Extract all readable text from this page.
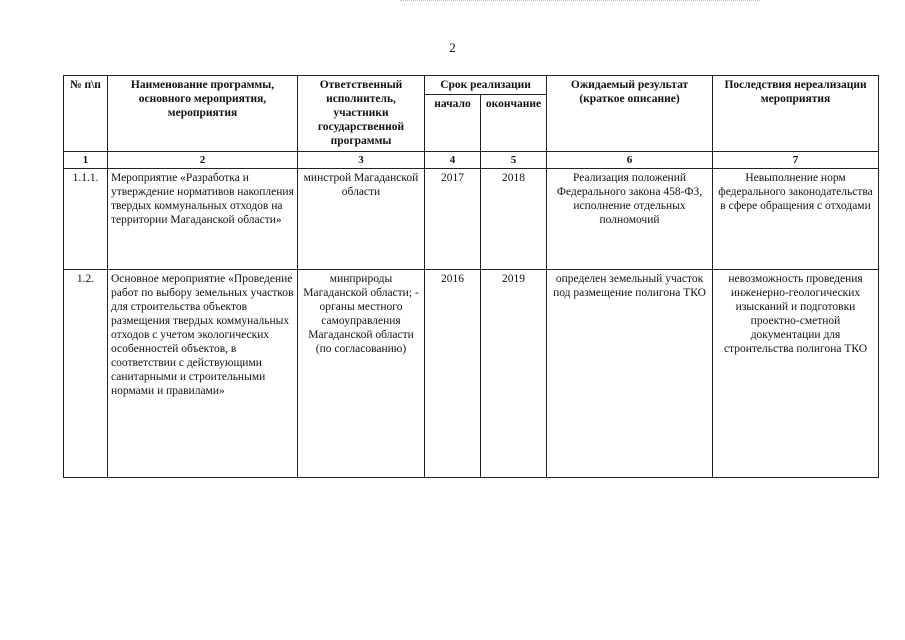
2
№ п\п	Наименование программы, основного мероприятия, мероприятия	Ответственный исполнитель, участники государственной программы	Срок реализации		Ожидаемый результат (краткое описание)	Последствия нереализации мероприятия
			начало	окончание		
1	2	3	4	5	6	7
1.1.1.	Мероприятие «Разработка и утверждение нормативов накопления твердых коммунальных отходов на территории Магаданской области»	минстрой Магаданской области	2017	2018	Реализация положений Федерального закона 458-ФЗ, исполнение отдельных полномочий	Невыполнение норм федерального законодательства в сфере обращения с отходами
1.2.	Основное мероприятие «Проведение работ по выбору земельных участков для строительства объектов размещения твердых коммунальных отходов с учетом экологических особенностей объектов, в соответствии с действующими санитарными и строительными нормами и правилами»	минприроды Магаданской области; - органы местного самоуправления Магаданской области (по согласованию)	2016	2019	определен земельный участок под размещение полигона ТКО	невозможность проведения инженерно-геологических изысканий и подготовки проектно-сметной документации для строительства полигона ТКО
